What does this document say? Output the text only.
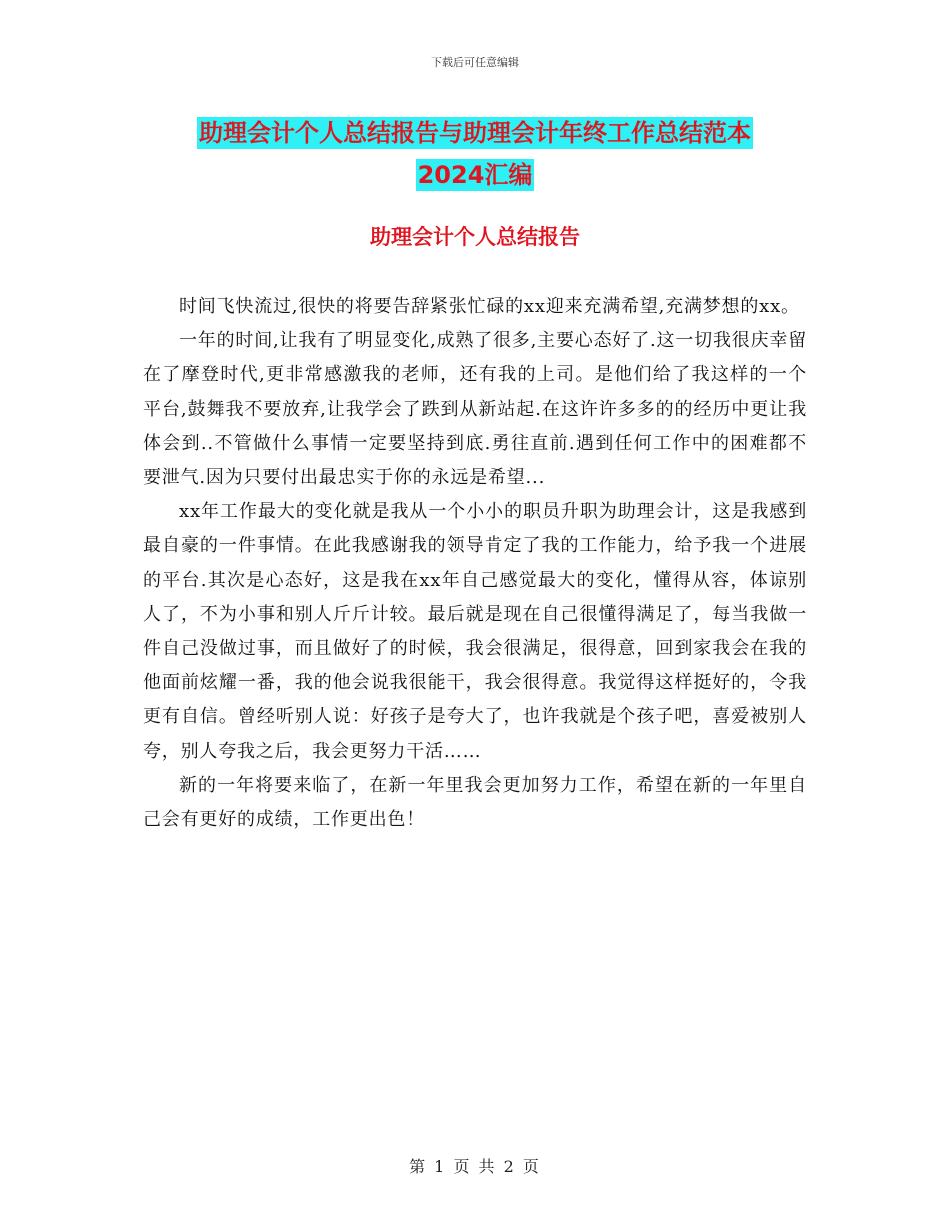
下载后可任意编辑
助理会计个人总结报告与助理会计年终工作总结范本
2024汇编
助理会计个人总结报告

时间飞快流过,很快的将要告辞紧张忙碌的xx迎来充满希望,充满梦想的xx。

一年的时间,让我有了明显变化,成熟了很多,主要心态好了.这一切我很庆幸留在了摩登时代,更非常感激我的老师，还有我的上司。是他们给了我这样的一个平台,鼓舞我不要放弃,让我学会了跌到从新站起.在这许许多多的的经历中更让我体会到..不管做什么事情一定要坚持到底.勇往直前.遇到任何工作中的困难都不要泄气.因为只要付出最忠实于你的永远是希望...

xx年工作最大的变化就是我从一个小小的职员升职为助理会计，这是我感到最自豪的一件事情。在此我感谢我的领导肯定了我的工作能力，给予我一个进展的平台.其次是心态好，这是我在xx年自己感觉最大的变化，懂得从容，体谅别人了，不为小事和别人斤斤计较。最后就是现在自己很懂得满足了，每当我做一件自己没做过事，而且做好了的时候，我会很满足，很得意，回到家我会在我的他面前炫耀一番，我的他会说我很能干，我会很得意。我觉得这样挺好的，令我更有自信。曾经听别人说：好孩子是夸大了，也许我就是个孩子吧，喜爱被别人夸，别人夸我之后，我会更努力干活……

新的一年将要来临了，在新一年里我会更加努力工作，希望在新的一年里自己会有更好的成绩，工作更出色！

第 1 页 共 2 页
